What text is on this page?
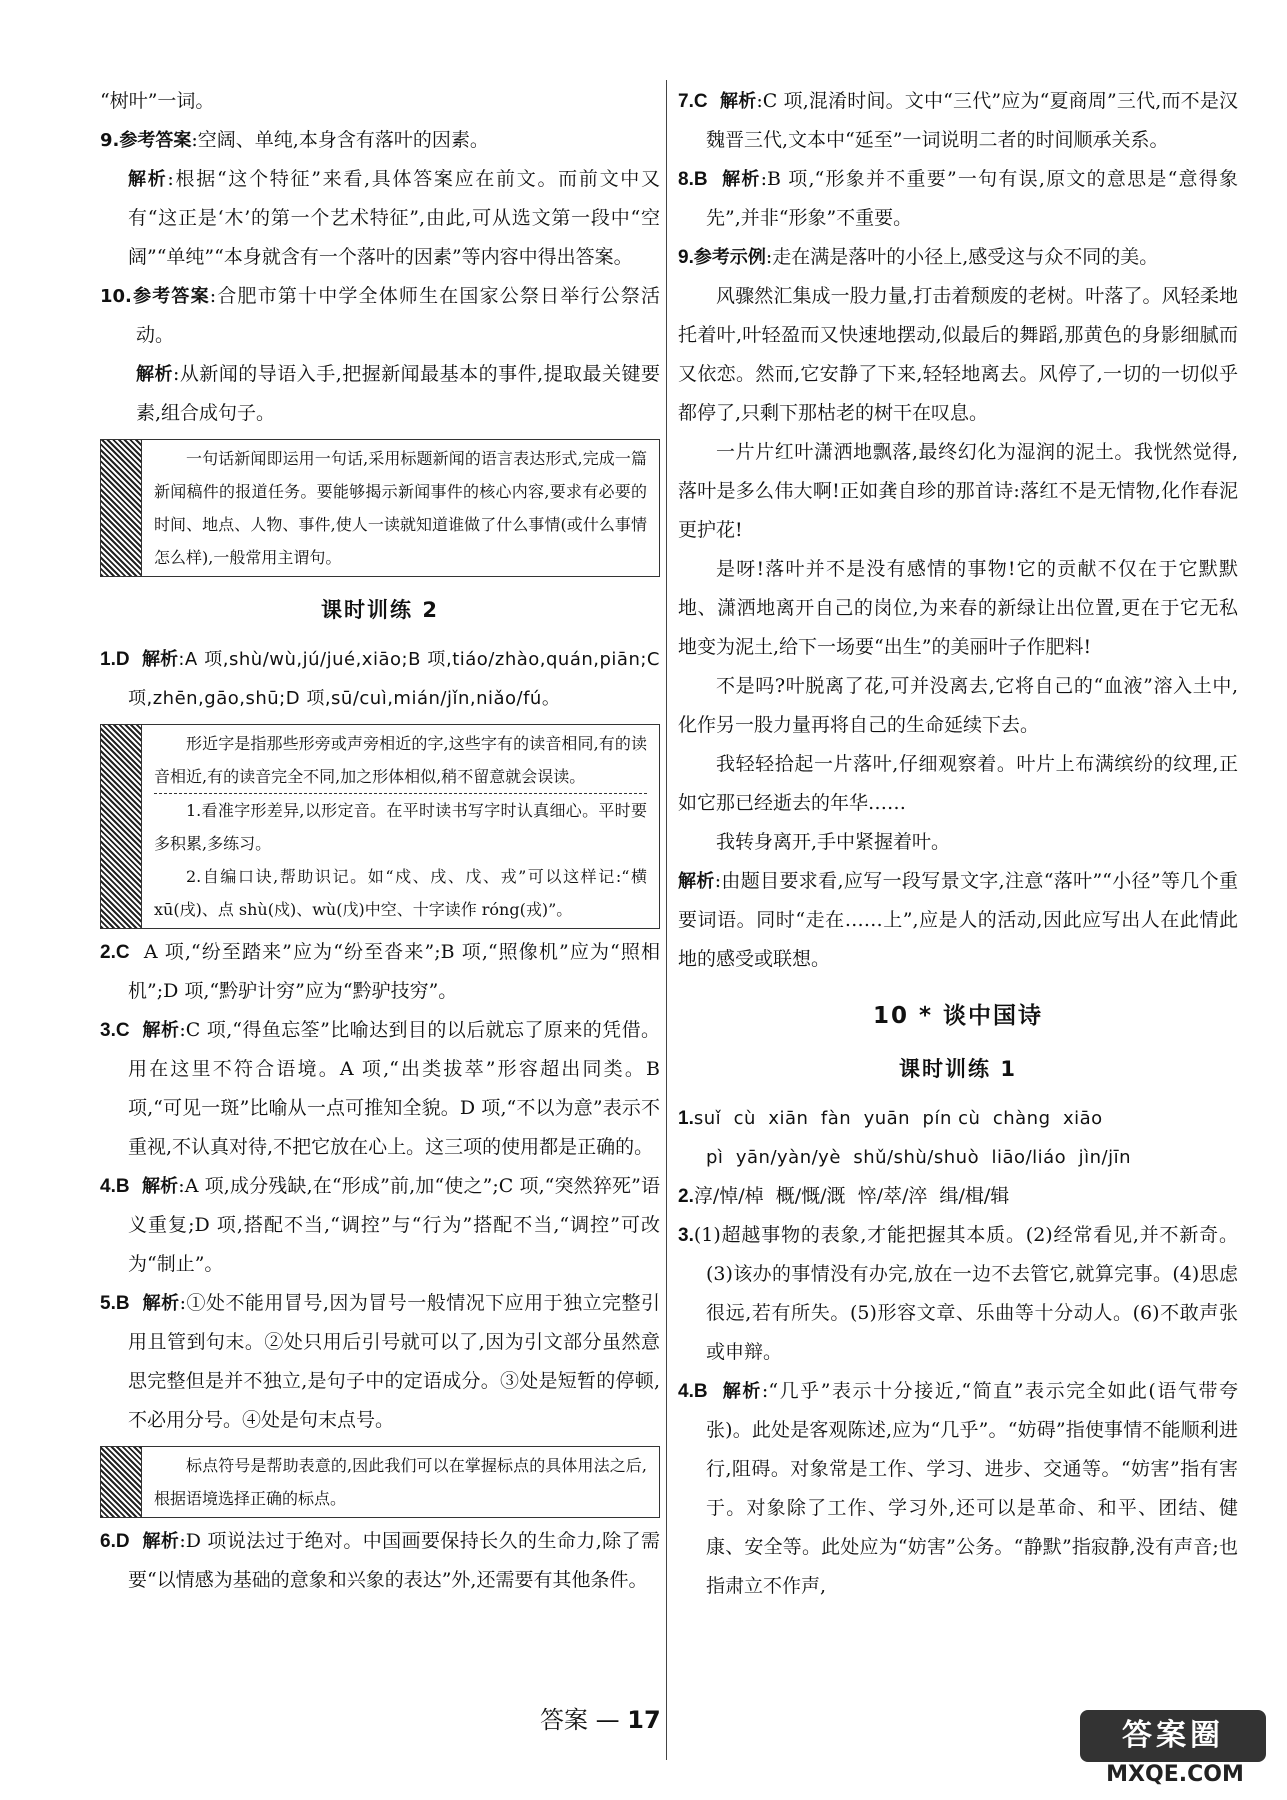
“树叶”一词。

9.参考答案:空阔、单纯,本身含有落叶的因素。

解析:根据“这个特征”来看,具体答案应在前文。而前文中又有“这正是‘木’的第一个艺术特征”,由此,可从选文第一段中“空阔”“单纯”“本身就含有一个落叶的因素”等内容中得出答案。

10.参考答案:合肥市第十中学全体师生在国家公祭日举行公祭活动。

解析:从新闻的导语入手,把握新闻最基本的事件,提取最关键要素,组合成句子。

一句话新闻即运用一句话,采用标题新闻的语言表达形式,完成一篇新闻稿件的报道任务。要能够揭示新闻事件的核心内容,要求有必要的时间、地点、人物、事件,使人一读就知道谁做了什么事情(或什么事情怎么样),一般常用主谓句。

课时训练 2

1.D 解析:A 项,shù/wù,jú/jué,xiāo;B 项,tiáo/zhào,quán,piān;C 项,zhēn,gāo,shū;D 项,sū/cuì,mián/jǐn,niǎo/fú。

形近字是指那些形旁或声旁相近的字,这些字有的读音相同,有的读音相近,有的读音完全不同,加之形体相似,稍不留意就会误读。

1.看准字形差异,以形定音。在平时读书写字时认真细心。平时要多积累,多练习。

2.自编口诀,帮助识记。如“戍、戌、戊、戎”可以这样记:“横 xū(戌)、点 shù(戍)、wù(戊)中空、十字读作 róng(戎)”。

2.C A 项,“纷至踏来”应为“纷至沓来”;B 项,“照像机”应为“照相机”;D 项,“黔驴计穷”应为“黔驴技穷”。

3.C 解析:C 项,“得鱼忘筌”比喻达到目的以后就忘了原来的凭借。用在这里不符合语境。A 项,“出类拔萃”形容超出同类。B 项,“可见一斑”比喻从一点可推知全貌。D 项,“不以为意”表示不重视,不认真对待,不把它放在心上。这三项的使用都是正确的。

4.B 解析:A 项,成分残缺,在“形成”前,加“使之”;C 项,“突然猝死”语义重复;D 项,搭配不当,“调控”与“行为”搭配不当,“调控”可改为“制止”。

5.B 解析:①处不能用冒号,因为冒号一般情况下应用于独立完整引用且管到句末。②处只用后引号就可以了,因为引文部分虽然意思完整但是并不独立,是句子中的定语成分。③处是短暂的停顿,不必用分号。④处是句末点号。

标点符号是帮助表意的,因此我们可以在掌握标点的具体用法之后,根据语境选择正确的标点。

6.D 解析:D 项说法过于绝对。中国画要保持长久的生命力,除了需要“以情感为基础的意象和兴象的表达”外,还需要有其他条件。

7.C 解析:C 项,混淆时间。文中“三代”应为“夏商周”三代,而不是汉魏晋三代,文本中“延至”一词说明二者的时间顺承关系。

8.B 解析:B 项,“形象并不重要”一句有误,原文的意思是“意得象先”,并非“形象”不重要。

9.参考示例:走在满是落叶的小径上,感受这与众不同的美。

风骤然汇集成一股力量,打击着颓废的老树。叶落了。风轻柔地托着叶,叶轻盈而又快速地摆动,似最后的舞蹈,那黄色的身影细腻而又依恋。然而,它安静了下来,轻轻地离去。风停了,一切的一切似乎都停了,只剩下那枯老的树干在叹息。

一片片红叶潇洒地飘落,最终幻化为湿润的泥土。我恍然觉得,落叶是多么伟大啊!正如龚自珍的那首诗:落红不是无情物,化作春泥更护花!

是呀!落叶并不是没有感情的事物!它的贡献不仅在于它默默地、潇洒地离开自己的岗位,为来春的新绿让出位置,更在于它无私地变为泥土,给下一场要“出生”的美丽叶子作肥料!

不是吗?叶脱离了花,可并没离去,它将自己的“血液”溶入土中,化作另一股力量再将自己的生命延续下去。

我轻轻拾起一片落叶,仔细观察着。叶片上布满缤纷的纹理,正如它那已经逝去的年华……

我转身离开,手中紧握着叶。

解析:由题目要求看,应写一段写景文字,注意“落叶”“小径”等几个重要词语。同时“走在……上”,应是人的活动,因此应写出人在此情此地的感受或联想。

10 * 谈中国诗
课时训练 1

1.suǐ  cù  xiān  fàn  yuān  pín cù  chàng  xiāo

pì  yān/yàn/yè  shǔ/shù/shuò  liāo/liáo  jìn/jīn

2.淳/悼/棹  概/慨/溉  悴/萃/淬  缉/楫/辑

3.(1)超越事物的表象,才能把握其本质。(2)经常看见,并不新奇。(3)该办的事情没有办完,放在一边不去管它,就算完事。(4)思虑很远,若有所失。(5)形容文章、乐曲等十分动人。(6)不敢声张或申辩。

4.B 解析:“几乎”表示十分接近,“简直”表示完全如此(语气带夸张)。此处是客观陈述,应为“几乎”。“妨碍”指使事情不能顺利进行,阻碍。对象常是工作、学习、进步、交通等。“妨害”指有害于。对象除了工作、学习外,还可以是革命、和平、团结、健康、安全等。此处应为“妨害”公务。“静默”指寂静,没有声音;也指肃立不作声,

答案 — 17	答案圈
MXQE.COM
